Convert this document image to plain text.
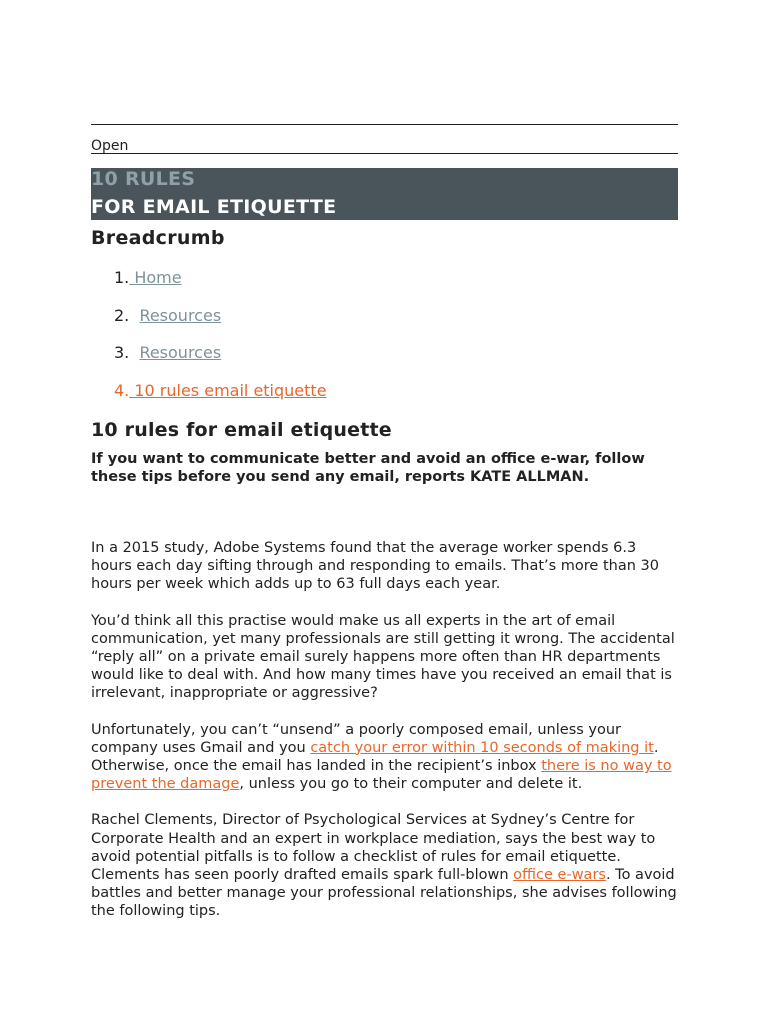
Open
10 RULES
FOR EMAIL ETIQUETTE
Breadcrumb
1. Home
2. Resources
3. Resources
4. 10 rules email etiquette
10 rules for email etiquette

If you want to communicate better and avoid an office e-war, follow these tips before you send any email, reports KATE ALLMAN.

In a 2015 study, Adobe Systems found that the average worker spends 6.3 hours each day sifting through and responding to emails. That’s more than 30 hours per week which adds up to 63 full days each year.

You’d think all this practise would make us all experts in the art of email communication, yet many professionals are still getting it wrong. The accidental “reply all” on a private email surely happens more often than HR departments would like to deal with. And how many times have you received an email that is irrelevant, inappropriate or aggressive?

Unfortunately, you can’t “unsend” a poorly composed email, unless your company uses Gmail and you catch your error within 10 seconds of making it. Otherwise, once the email has landed in the recipient’s inbox there is no way to prevent the damage, unless you go to their computer and delete it.

Rachel Clements, Director of Psychological Services at Sydney’s Centre for Corporate Health and an expert in workplace mediation, says the best way to avoid potential pitfalls is to follow a checklist of rules for email etiquette. Clements has seen poorly drafted emails spark full-blown office e-wars. To avoid battles and better manage your professional relationships, she advises following the following tips.
